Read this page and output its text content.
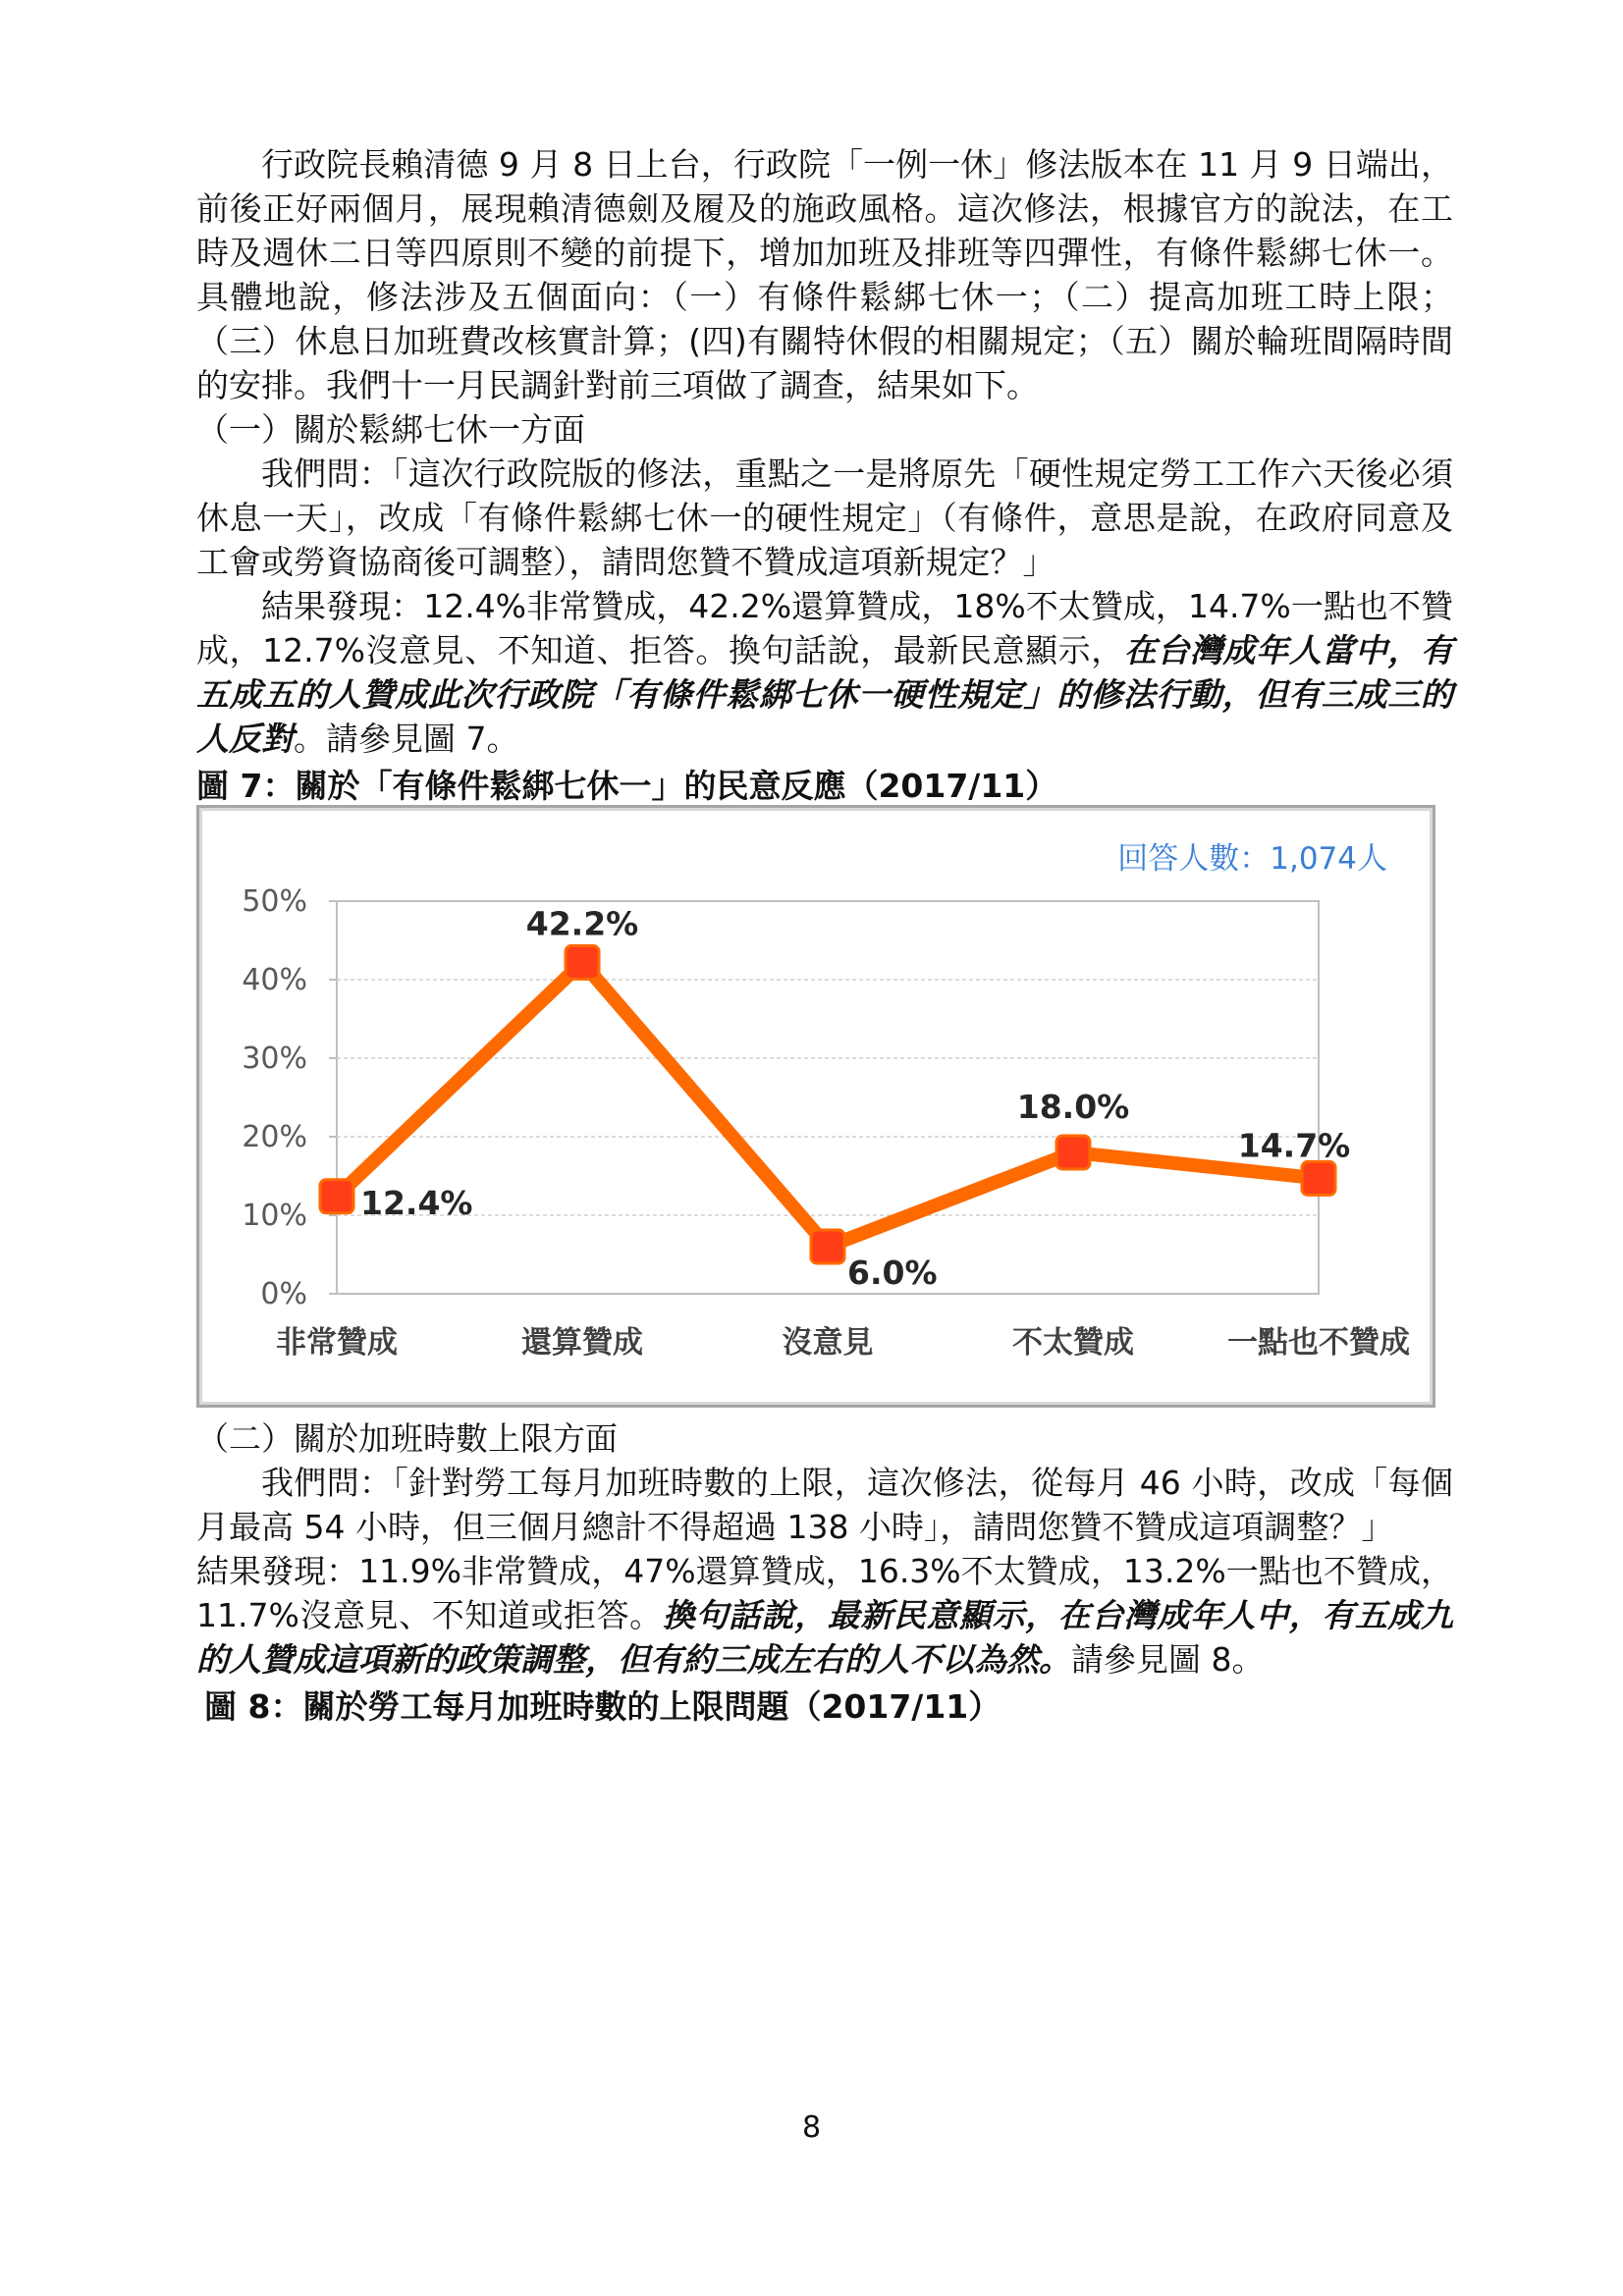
行政院長賴清德 9 月 8 日上台，行政院「一例一休」修法版本在 11 月 9 日端出，前後正好兩個月，展現賴清德劍及履及的施政風格。這次修法，根據官方的說法，在工時及週休二日等四原則不變的前提下，增加加班及排班等四彈性，有條件鬆綁七休一。具體地說，修法涉及五個面向：（一）有條件鬆綁七休一；（二）提高加班工時上限；（三）休息日加班費改核實計算；(四)有關特休假的相關規定；（五）關於輪班間隔時間的安排。我們十一月民調針對前三項做了調查，結果如下。

（一）關於鬆綁七休一方面

我們問：「這次行政院版的修法，重點之一是將原先「硬性規定勞工工作六天後必須休息一天」，改成「有條件鬆綁七休一的硬性規定」（有條件，意思是說，在政府同意及工會或勞資協商後可調整），請問您贊不贊成這項新規定？」

結果發現：12.4%非常贊成，42.2%還算贊成，18%不太贊成，14.7%一點也不贊成，12.7%沒意見、不知道、拒答。換句話說，最新民意顯示，在台灣成年人當中，有五成五的人贊成此次行政院「有條件鬆綁七休一硬性規定」的修法行動，但有三成三的人反對。請參見圖 7。

圖 7：關於「有條件鬆綁七休一」的民意反應（2017/11）

0%
10%
20%
30%
40%
50%
非常贊成	還算贊成	沒意見	不太贊成	一點也不贊成
12.4%
42.2%
6.0%
18.0%
14.7%
回答人數：1,074人

（二）關於加班時數上限方面

我們問：「針對勞工每月加班時數的上限，這次修法，從每月 46 小時，改成「每個月最高 54 小時，但三個月總計不得超過 138 小時」，請問您贊不贊成這項調整？」

結果發現：11.9%非常贊成，47%還算贊成，16.3%不太贊成，13.2%一點也不贊成，11.7%沒意見、不知道或拒答。換句話說，最新民意顯示，在台灣成年人中，有五成九的人贊成這項新的政策調整，但有約三成左右的人不以為然。請參見圖 8。

圖 8：關於勞工每月加班時數的上限問題（2017/11）

8
